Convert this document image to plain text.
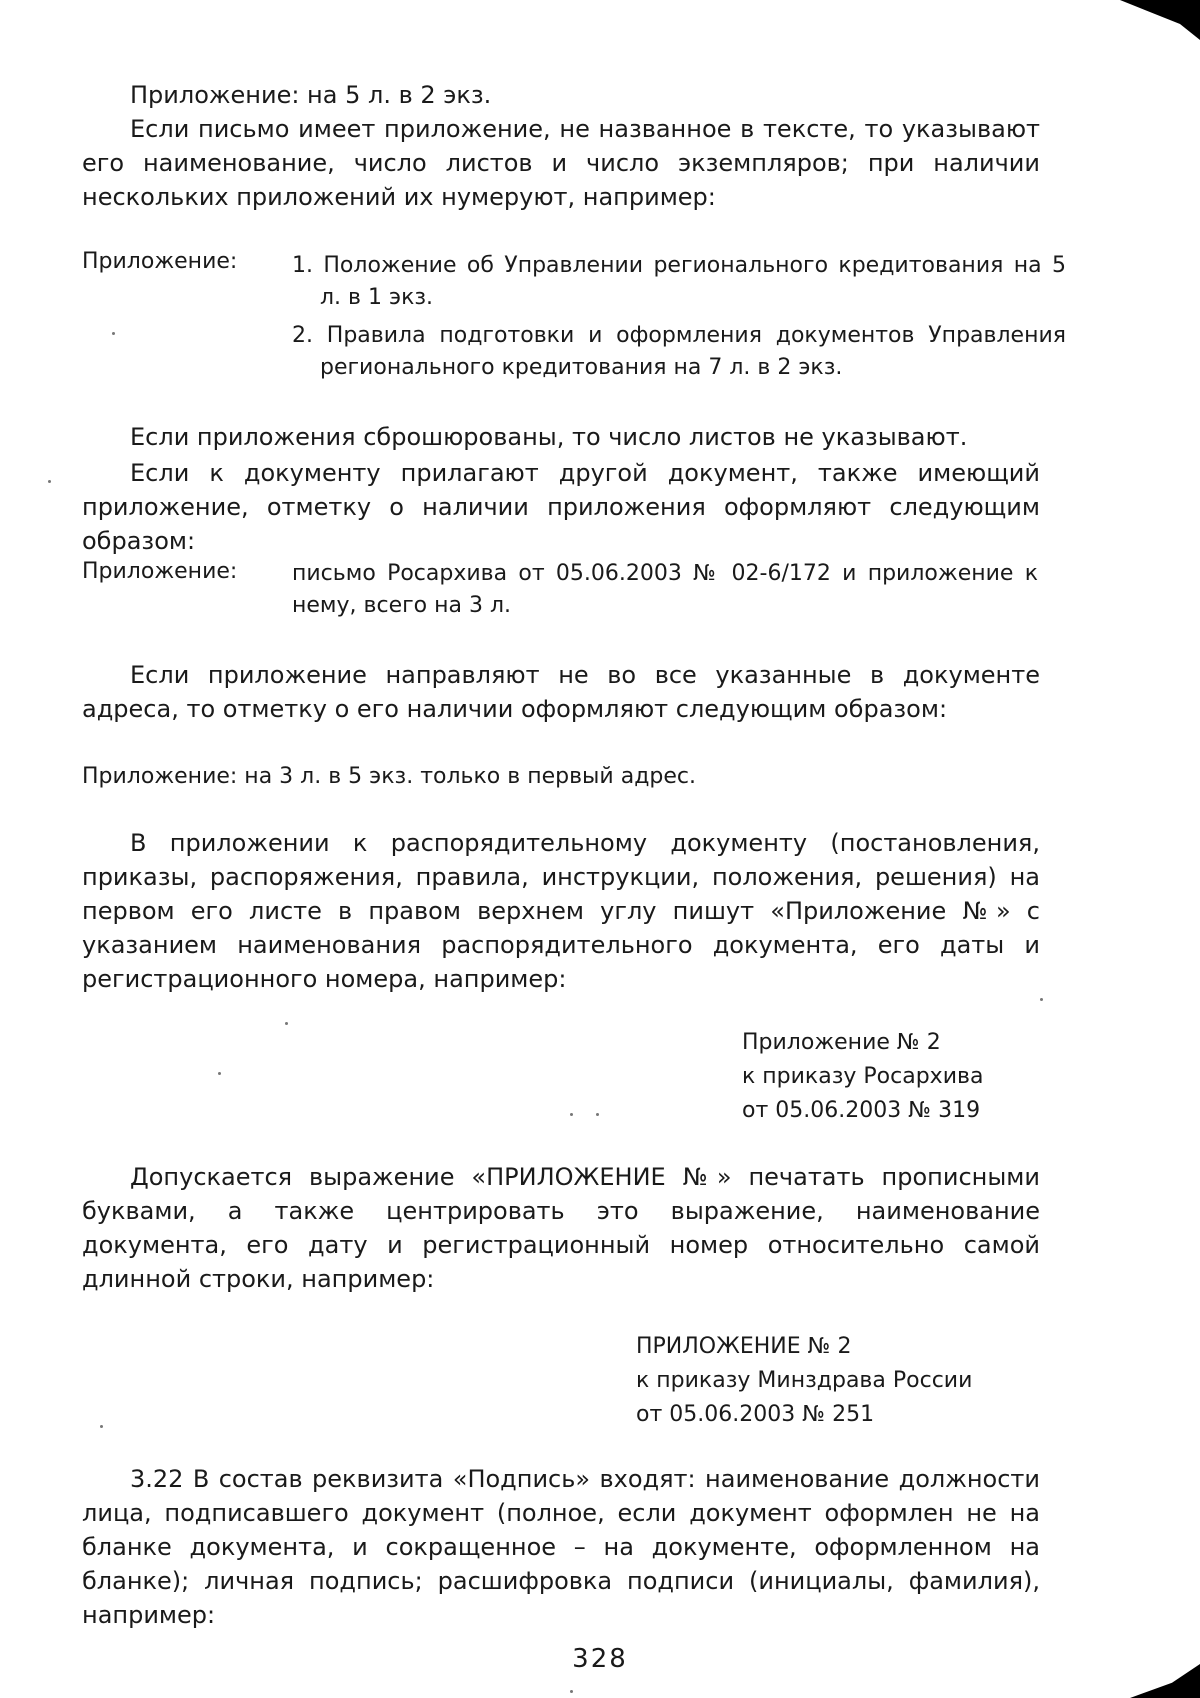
Приложение: на 5 л. в 2 экз.

Если письмо имеет приложение, не названное в тексте, то указывают его наименование, число листов и число экземпляров; при наличии нескольких приложений их нумеруют, например:

Приложение: 1. Положение об Управлении регионального кредитования на 5 л. в 1 экз.

2. Правила подготовки и оформления документов Управления регионального кредитования на 7 л. в 2 экз.

Если приложения сброшюрованы, то число листов не указывают.

Если к документу прилагают другой документ, также имеющий приложение, отметку о наличии приложения оформляют следующим образом:

Приложение: письмо Росархива от 05.06.2003 № 02-6/172 и приложение к нему, всего на 3 л.

Если приложение направляют не во все указанные в документе адреса, то отметку о его наличии оформляют следующим образом:

Приложение: на 3 л. в 5 экз. только в первый адрес.

В приложении к распорядительному документу (постановления, приказы, распоряжения, правила, инструкции, положения, решения) на первом его листе в правом верхнем углу пишут «Приложение №» с указанием наименования распорядительного документа, его даты и регистрационного номера, например:

Приложение № 2
к приказу Росархива
от 05.06.2003 № 319

Допускается выражение «ПРИЛОЖЕНИЕ №» печатать прописными буквами, а также центрировать это выражение, наименование документа, его дату и регистрационный номер относительно самой длинной строки, например:

ПРИЛОЖЕНИЕ № 2
к приказу Минздрава России
от 05.06.2003 № 251

3.22 В состав реквизита «Подпись» входят: наименование должности лица, подписавшего документ (полное, если документ оформлен не на бланке документа, и сокращенное – на документе, оформленном на бланке); личная подпись; расшифровка подписи (инициалы, фамилия), например:

328
